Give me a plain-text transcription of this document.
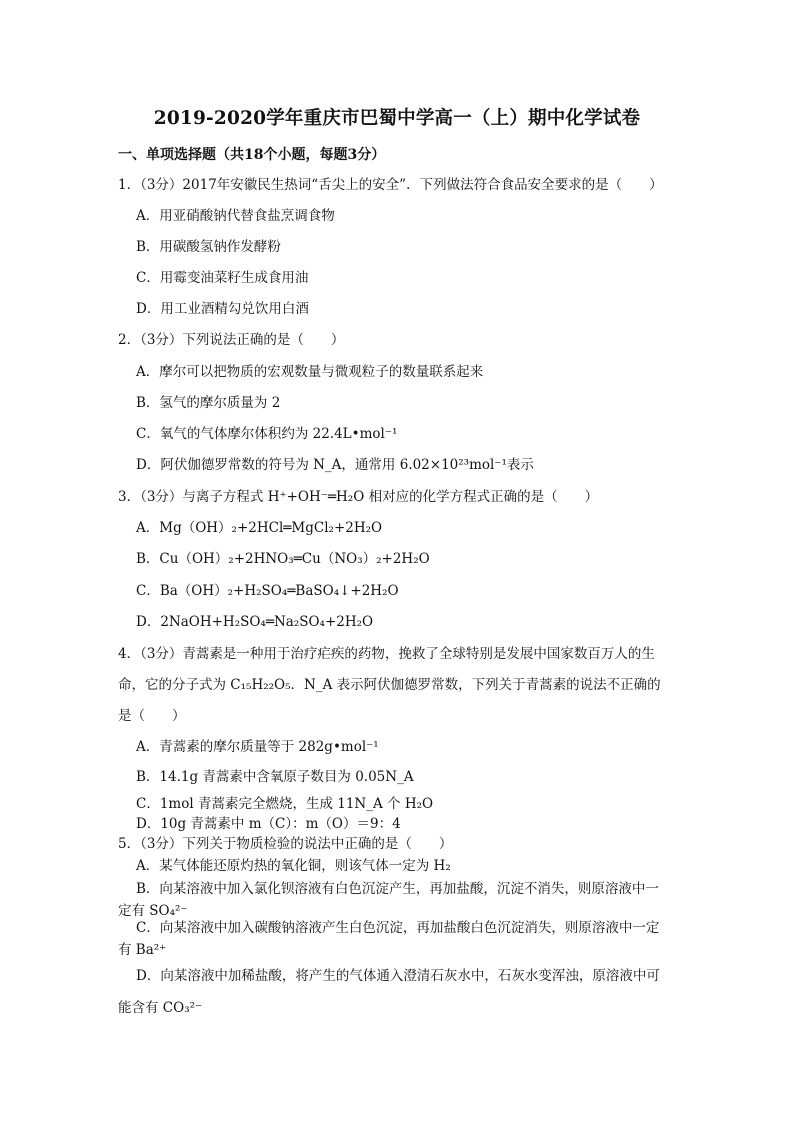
2019-2020学年重庆市巴蜀中学高一（上）期中化学试卷
一、单项选择题（共18个小题，每题3分）
1．（3分）2017年安徽民生热词“舌尖上的安全”．下列做法符合食品安全要求的是（　　）
A．用亚硝酸钠代替食盐烹调食物
B．用碳酸氢钠作发酵粉
C．用霉变油菜籽生成食用油
D．用工业酒精勾兑饮用白酒
2．（3分）下列说法正确的是（　　）
A．摩尔可以把物质的宏观数量与微观粒子的数量联系起来
B．氢气的摩尔质量为 2
C．氧气的气体摩尔体积约为 22.4L•mol⁻¹
D．阿伏伽德罗常数的符号为 N_A，通常用 6.02×10²³mol⁻¹表示
3．（3分）与离子方程式 H⁺+OH⁻═H₂O 相对应的化学方程式正确的是（　　）
A．Mg（OH）₂+2HCl═MgCl₂+2H₂O
B．Cu（OH）₂+2HNO₃═Cu（NO₃）₂+2H₂O
C．Ba（OH）₂+H₂SO₄═BaSO₄↓+2H₂O
D．2NaOH+H₂SO₄═Na₂SO₄+2H₂O
4．（3分）青蒿素是一种用于治疗疟疾的药物，挽救了全球特别是发展中国家数百万人的生
命，它的分子式为 C₁₅H₂₂O₅．N_A 表示阿伏伽德罗常数，下列关于青蒿素的说法不正确的
是（　　）
A．青蒿素的摩尔质量等于 282g•mol⁻¹
B．14.1g 青蒿素中含氧原子数目为 0.05N_A
C．1mol 青蒿素完全燃烧，生成 11N_A 个 H₂O
D．10g 青蒿素中 m（C）：m（O）＝9：4
5．（3分）下列关于物质检验的说法中正确的是（　　）
A．某气体能还原灼热的氧化铜，则该气体一定为 H₂
B．向某溶液中加入氯化钡溶液有白色沉淀产生，再加盐酸，沉淀不消失，则原溶液中一
定有 SO₄²⁻
C．向某溶液中加入碳酸钠溶液产生白色沉淀，再加盐酸白色沉淀消失，则原溶液中一定
有 Ba²⁺
D．向某溶液中加稀盐酸，将产生的气体通入澄清石灰水中，石灰水变浑浊，原溶液中可
能含有 CO₃²⁻
